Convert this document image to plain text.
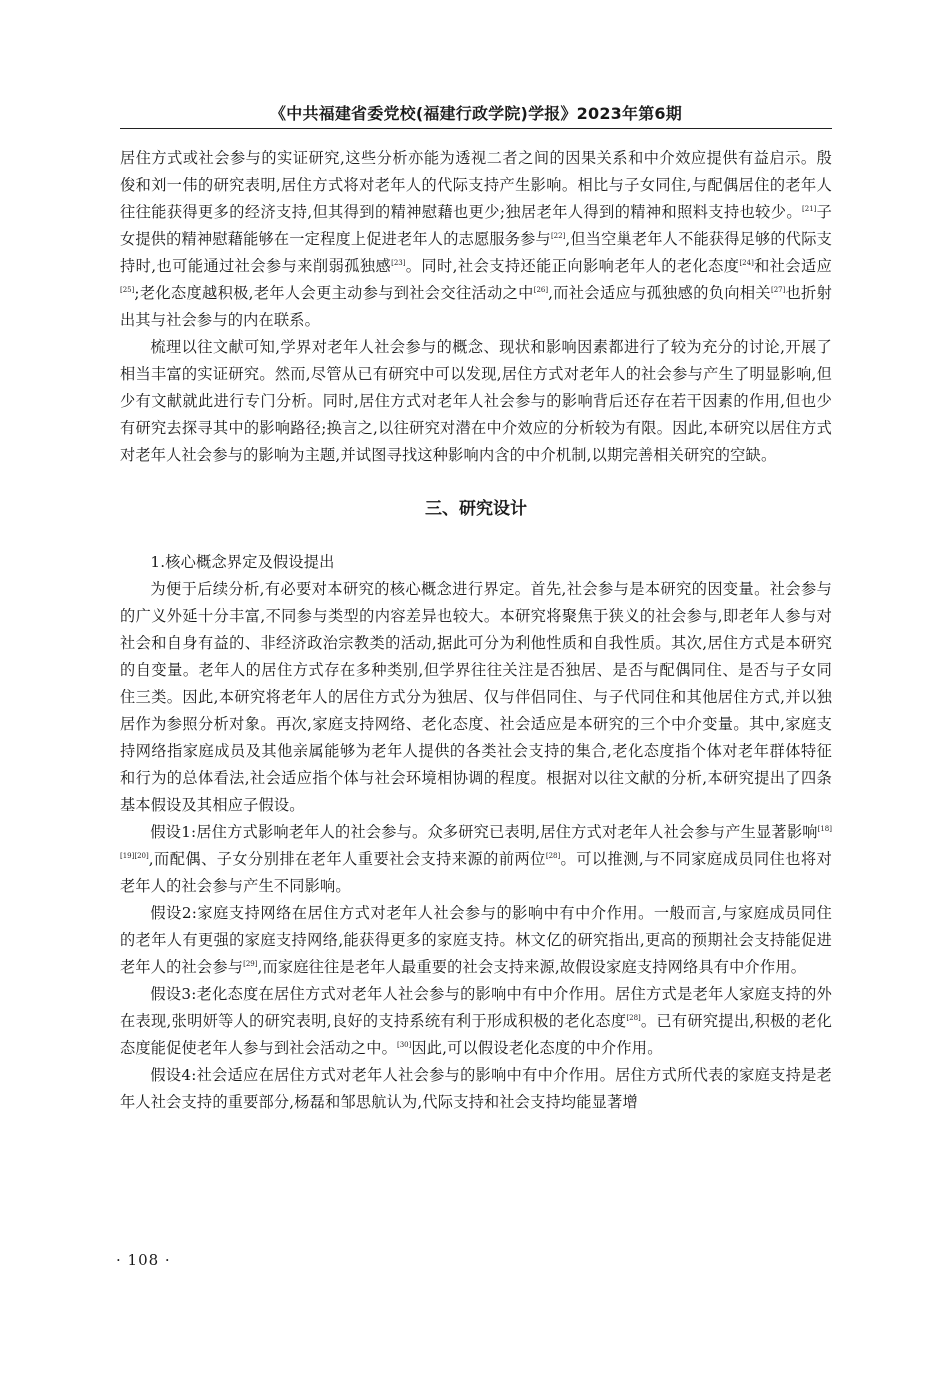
《中共福建省委党校(福建行政学院)学报》2023年第6期

居住方式或社会参与的实证研究,这些分析亦能为透视二者之间的因果关系和中介效应提供有益启示。殷俊和刘一伟的研究表明,居住方式将对老年人的代际支持产生影响。相比与子女同住,与配偶居住的老年人往往能获得更多的经济支持,但其得到的精神慰藉也更少;独居老年人得到的精神和照料支持也较少。[21]子女提供的精神慰藉能够在一定程度上促进老年人的志愿服务参与[22],但当空巢老年人不能获得足够的代际支持时,也可能通过社会参与来削弱孤独感[23]。同时,社会支持还能正向影响老年人的老化态度[24]和社会适应[25];老化态度越积极,老年人会更主动参与到社会交往活动之中[26],而社会适应与孤独感的负向相关[27]也折射出其与社会参与的内在联系。

梳理以往文献可知,学界对老年人社会参与的概念、现状和影响因素都进行了较为充分的讨论,开展了相当丰富的实证研究。然而,尽管从已有研究中可以发现,居住方式对老年人的社会参与产生了明显影响,但少有文献就此进行专门分析。同时,居住方式对老年人社会参与的影响背后还存在若干因素的作用,但也少有研究去探寻其中的影响路径;换言之,以往研究对潜在中介效应的分析较为有限。因此,本研究以居住方式对老年人社会参与的影响为主题,并试图寻找这种影响内含的中介机制,以期完善相关研究的空缺。

三、研究设计

1.核心概念界定及假设提出

为便于后续分析,有必要对本研究的核心概念进行界定。首先,社会参与是本研究的因变量。社会参与的广义外延十分丰富,不同参与类型的内容差异也较大。本研究将聚焦于狭义的社会参与,即老年人参与对社会和自身有益的、非经济政治宗教类的活动,据此可分为利他性质和自我性质。其次,居住方式是本研究的自变量。老年人的居住方式存在多种类别,但学界往往关注是否独居、是否与配偶同住、是否与子女同住三类。因此,本研究将老年人的居住方式分为独居、仅与伴侣同住、与子代同住和其他居住方式,并以独居作为参照分析对象。再次,家庭支持网络、老化态度、社会适应是本研究的三个中介变量。其中,家庭支持网络指家庭成员及其他亲属能够为老年人提供的各类社会支持的集合,老化态度指个体对老年群体特征和行为的总体看法,社会适应指个体与社会环境相协调的程度。根据对以往文献的分析,本研究提出了四条基本假设及其相应子假设。

假设1:居住方式影响老年人的社会参与。众多研究已表明,居住方式对老年人社会参与产生显著影响[18][19][20],而配偶、子女分别排在老年人重要社会支持来源的前两位[28]。可以推测,与不同家庭成员同住也将对老年人的社会参与产生不同影响。

假设2:家庭支持网络在居住方式对老年人社会参与的影响中有中介作用。一般而言,与家庭成员同住的老年人有更强的家庭支持网络,能获得更多的家庭支持。林文亿的研究指出,更高的预期社会支持能促进老年人的社会参与[29],而家庭往往是老年人最重要的社会支持来源,故假设家庭支持网络具有中介作用。

假设3:老化态度在居住方式对老年人社会参与的影响中有中介作用。居住方式是老年人家庭支持的外在表现,张明妍等人的研究表明,良好的支持系统有利于形成积极的老化态度[28]。已有研究提出,积极的老化态度能促使老年人参与到社会活动之中。[30]因此,可以假设老化态度的中介作用。

假设4:社会适应在居住方式对老年人社会参与的影响中有中介作用。居住方式所代表的家庭支持是老年人社会支持的重要部分,杨磊和邹思航认为,代际支持和社会支持均能显著增

· 108 ·
